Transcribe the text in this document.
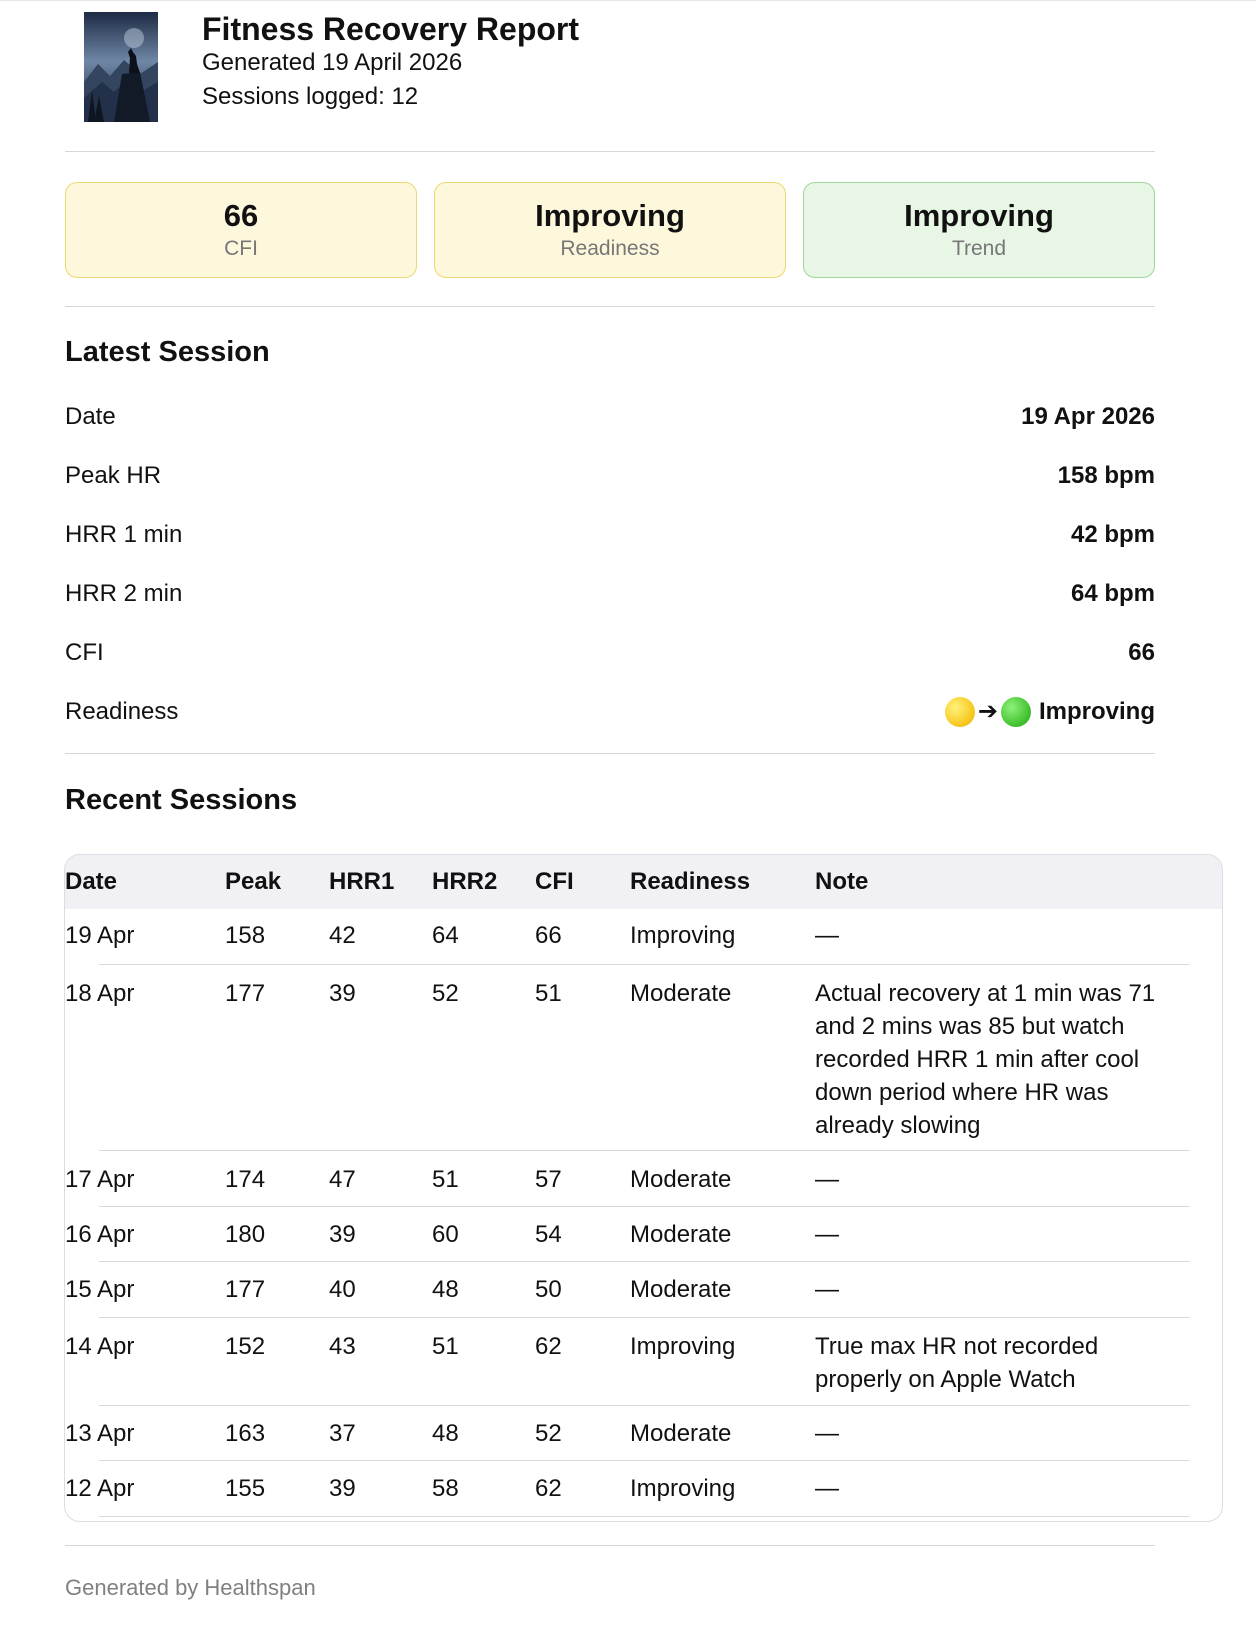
Fitness Recovery Report
Generated 19 April 2026
Sessions logged: 12
66
CFI
Improving
Readiness
Improving
Trend
Latest Session
Date	19 Apr 2026
Peak HR	158 bpm
HRR 1 min	42 bpm
HRR 2 min	64 bpm
CFI	66
Readiness	➔ Improving
Recent Sessions
Date	Peak	HRR1	HRR2	CFI	Readiness	Note
19 Apr	158	42	64	66	Improving	—
18 Apr	177	39	52	51	Moderate	Actual recovery at 1 min was 71 and 2 mins was 85 but watch recorded HRR 1 min after cool down period where HR was already slowing
17 Apr	174	47	51	57	Moderate	—
16 Apr	180	39	60	54	Moderate	—
15 Apr	177	40	48	50	Moderate	—
14 Apr	152	43	51	62	Improving	True max HR not recorded properly on Apple Watch
13 Apr	163	37	48	52	Moderate	—
12 Apr	155	39	58	62	Improving	—
Generated by Healthspan
